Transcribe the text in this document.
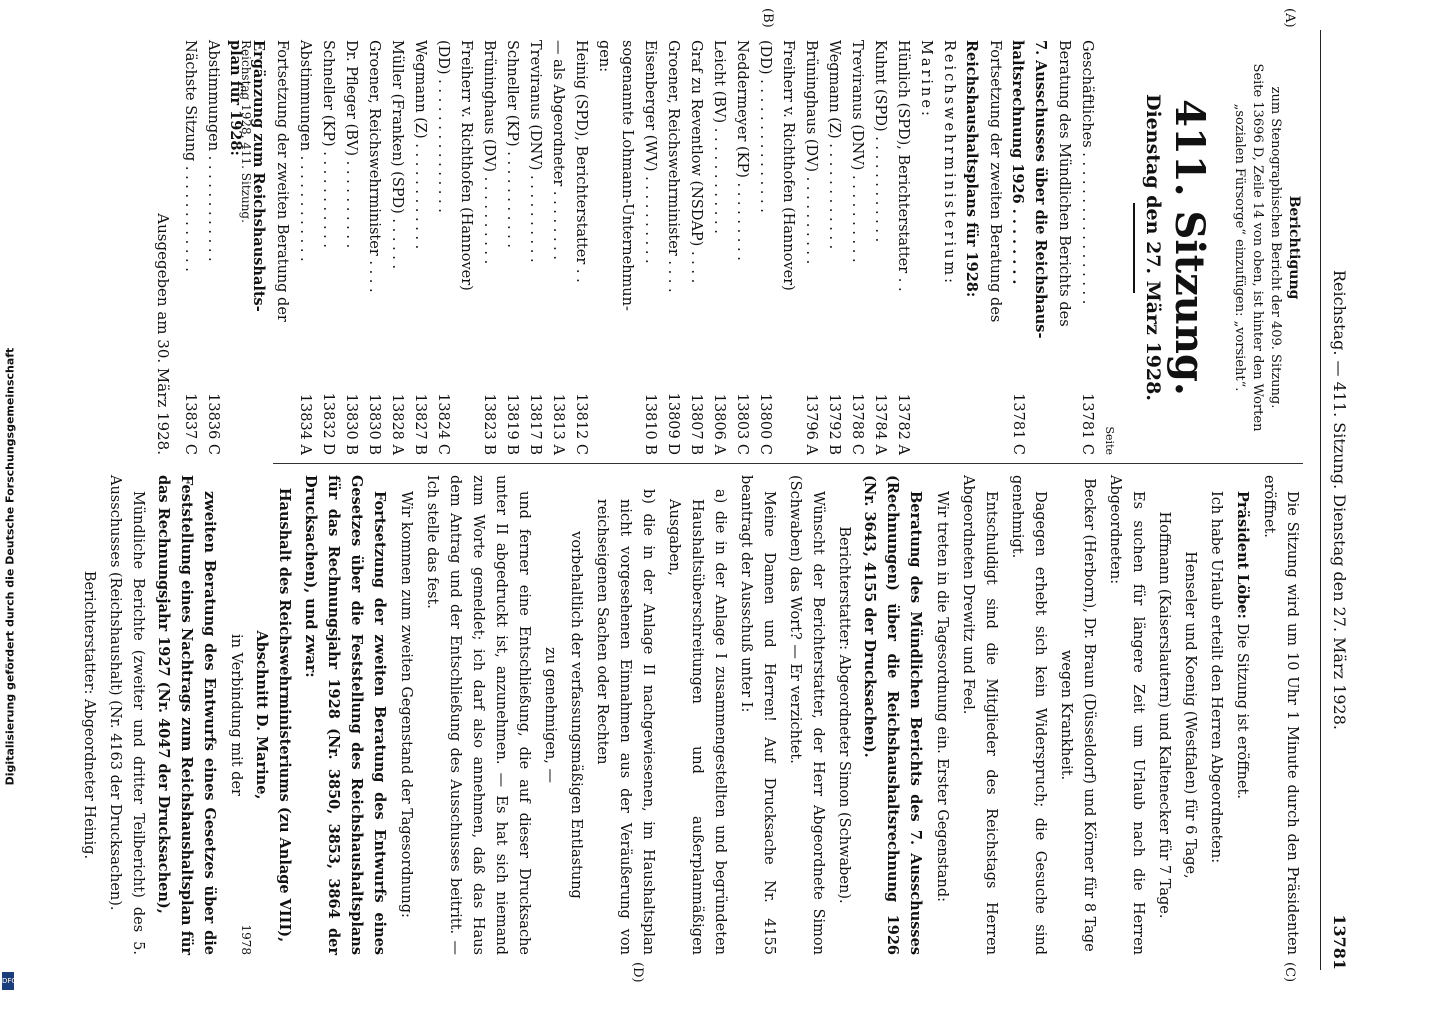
Digitalisierung gefördert durch die Deutsche Forschungsgemeinschaft
DFG
Reichstag. — 411. Sitzung. Dienstag den 27. März 1928.
13781
(A)
(B)
(C)
(D)
Berichtigung
zum Stenographischen Bericht der 409. Sitzung.
Seite 13696 D, Zeile 14 von oben, ist hinter den Worten
„sozialen Fürsorge“ einzufügen: „vorsieht“.
411. Sitzung.
Dienstag den 27. März 1928.
Seite
Geschäftliches . . . . . . . . . . . . . . . . .	13781 C
Beratung des Mündlichen Berichts des	
7. Ausschusses über die Reichshaus-	
haltsrechnung 1926 . . . . . . . .	13781 C
Fortsetzung der zweiten Beratung des	
Reichshaushaltsplans für 1928:	
Reichswehrministerium:	
Marine:	
Hünlich (SPD), Berichterstatter . .	13782 A
Kuhnt (SPD) . . . . . . . . . . . .	13784 A
Treviranus (DNV) . . . . . . . . . .	13788 C
Wegmann (Z) . . . . . . . . . . . .	13792 B
Brüninghaus (DV) . . . . . . . . . .	13796 A
Freiherr v. Richthofen (Hannover)	
(DD) . . . . . . . . . . . . . . .	13800 C
Neddermeyer (KP) . . . . . . . . .	13803 C
Leicht (BV) . . . . . . . . . . . .	13806 A
Graf zu Reventlow (NSDAP) . . . .	13807 B
Groener, Reichswehrminister . . . .	13809 D
Eisenberger (WV) . . . . . . . . . .	13810 B
sogenannte Lohmann-Unternehmun-	
gen:	
Heinig (SPD), Berichterstatter . .	13812 C
— als Abgeordneter . . . . . . . .	13813 A
Treviranus (DNV) . . . . . . . . . .	13817 B
Schneller (KP) . . . . . . . . . . .	13819 B
Brüninghaus (DV) . . . . . . . . . .	13823 B
Freiherr v. Richthofen (Hannover)	
(DD) . . . . . . . . . . . . . . .	13824 C
Wegmann (Z) . . . . . . . . . . . .	13827 B
Müller (Franken) (SPD) . . . . . .	13828 A
Groener, Reichswehrminister . . . .	13830 B
Dr. Pfleger (BV) . . . . . . . . . .	13830 B
Schneller (KP) . . . . . . . . . . .	13832 D
Abstimmungen . . . . . . . . . . . .	13834 A
Fortsetzung der zweiten Beratung der	
Ergänzung zum Reichshaushalts-	
plan für 1928:	
Abstimmungen . . . . . . . . . . . .	13836 C
Nächste Sitzung . . . . . . . . . . . .	13837 C
Ausgegeben am 30. März 1928.

Die Sitzung wird um 10 Uhr 1 Minute durch den Präsidenten eröffnet.

Präsident Löbe: Die Sitzung ist eröffnet.

Ich habe Urlaub erteilt den Herren Abgeordneten:

Henseler und Koenig (Westfalen) für 6 Tage,

Hoffmann (Kaiserslautern) und Kaltenecker für 7 Tage.

Es suchen für längere Zeit um Urlaub nach die Herren Abgeordneten:

Becker (Herborn), Dr. Braun (Düsseldorf) und Körner für 8 Tage wegen Krankheit.

Dagegen erhebt sich kein Widerspruch; die Gesuche sind genehmigt.

Entschuldigt sind die Mitglieder des Reichstags Herren Abgeordneten Drewitz und Feel.

Wir treten in die Tagesordnung ein. Erster Gegenstand:

Beratung des Mündlichen Berichts des 7. Ausschusses (Rechnungen) über die Reichshaushaltsrechnung 1926 (Nr. 3643, 4155 der Drucksachen).

Berichterstatter: Abgeordneter Simon (Schwaben).

Wünscht der Berichterstatter, der Herr Abgeordnete Simon (Schwaben) das Wort? — Er verzichtet.

Meine Damen und Herren! Auf Drucksache Nr. 4155 beantragt der Ausschuß unter I:

a) die in der Anlage I zusammengestellten und begründeten Haushaltsüberschreitungen und außerplanmäßigen Ausgaben,

b) die in der Anlage II nachgewiesenen, im Haushaltsplan nicht vorgesehenen Einnahmen aus der Veräußerung von reichseigenen Sachen oder Rechten

vorbehaltlich der verfassungsmäßigen Entlastung

zu genehmigen, —

und ferner eine Entschließung, die auf dieser Drucksache unter II abgedruckt ist, anzunehmen. — Es hat sich niemand zum Worte gemeldet; ich darf also annehmen, daß das Haus dem Antrag und der Entschließung des Ausschusses beitritt. — Ich stelle das fest.

Wir kommen zum zweiten Gegenstand der Tagesordnung:

Fortsetzung der zweiten Beratung des Entwurfs eines Gesetzes über die Feststellung des Reichshaushaltsplans für das Rechnungsjahr 1928 (Nr. 3850, 3853, 3864 der Drucksachen), und zwar:

Haushalt des Reichswehrministeriums (zu Anlage VIII), Abschnitt D. Marine,

in Verbindung mit der

zweiten Beratung des Entwurfs eines Gesetzes über die Feststellung eines Nachtrags zum Reichshaushaltsplan für das Rechnungsjahr 1927 (Nr. 4047 der Drucksachen),

Mündliche Berichte (zweiter und dritter Teilbericht) des 5. Ausschusses (Reichshaushalt) (Nr. 4163 der Drucksachen).

Berichterstatter: Abgeordneter Heinig.

Reichstag 1928. 411. Sitzung.
1978
